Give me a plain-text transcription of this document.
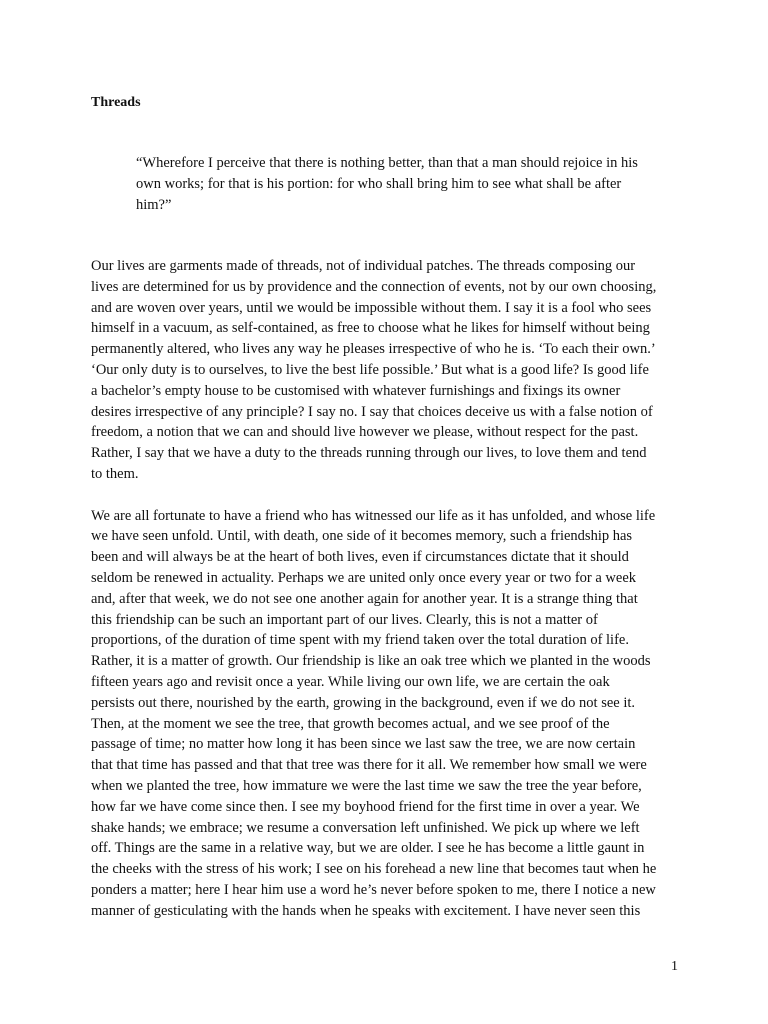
Threads
“Wherefore I perceive that there is nothing better, than that a man should rejoice in his
own works; for that is his portion: for who shall bring him to see what shall be after
him?”

Our lives are garments made of threads, not of individual patches. The threads composing our
lives are determined for us by providence and the connection of events, not by our own choosing,
and are woven over years, until we would be impossible without them. I say it is a fool who sees
himself in a vacuum, as self-contained, as free to choose what he likes for himself without being
permanently altered, who lives any way he pleases irrespective of who he is. ‘To each their own.’
‘Our only duty is to ourselves, to live the best life possible.’ But what is a good life? Is good life
a bachelor’s empty house to be customised with whatever furnishings and fixings its owner
desires irrespective of any principle? I say no. I say that choices deceive us with a false notion of
freedom, a notion that we can and should live however we please, without respect for the past.
Rather, I say that we have a duty to the threads running through our lives, to love them and tend
to them.

We are all fortunate to have a friend who has witnessed our life as it has unfolded, and whose life
we have seen unfold. Until, with death, one side of it becomes memory, such a friendship has
been and will always be at the heart of both lives, even if circumstances dictate that it should
seldom be renewed in actuality. Perhaps we are united only once every year or two for a week
and, after that week, we do not see one another again for another year. It is a strange thing that
this friendship can be such an important part of our lives. Clearly, this is not a matter of
proportions, of the duration of time spent with my friend taken over the total duration of life.
Rather, it is a matter of growth. Our friendship is like an oak tree which we planted in the woods
fifteen years ago and revisit once a year. While living our own life, we are certain the oak
persists out there, nourished by the earth, growing in the background, even if we do not see it.
Then, at the moment we see the tree, that growth becomes actual, and we see proof of the
passage of time; no matter how long it has been since we last saw the tree, we are now certain
that that time has passed and that that tree was there for it all. We remember how small we were
when we planted the tree, how immature we were the last time we saw the tree the year before,
how far we have come since then. I see my boyhood friend for the first time in over a year. We
shake hands; we embrace; we resume a conversation left unfinished. We pick up where we left
off. Things are the same in a relative way, but we are older. I see he has become a little gaunt in
the cheeks with the stress of his work; I see on his forehead a new line that becomes taut when he
ponders a matter; here I hear him use a word he’s never before spoken to me, there I notice a new
manner of gesticulating with the hands when he speaks with excitement. I have never seen this

1
